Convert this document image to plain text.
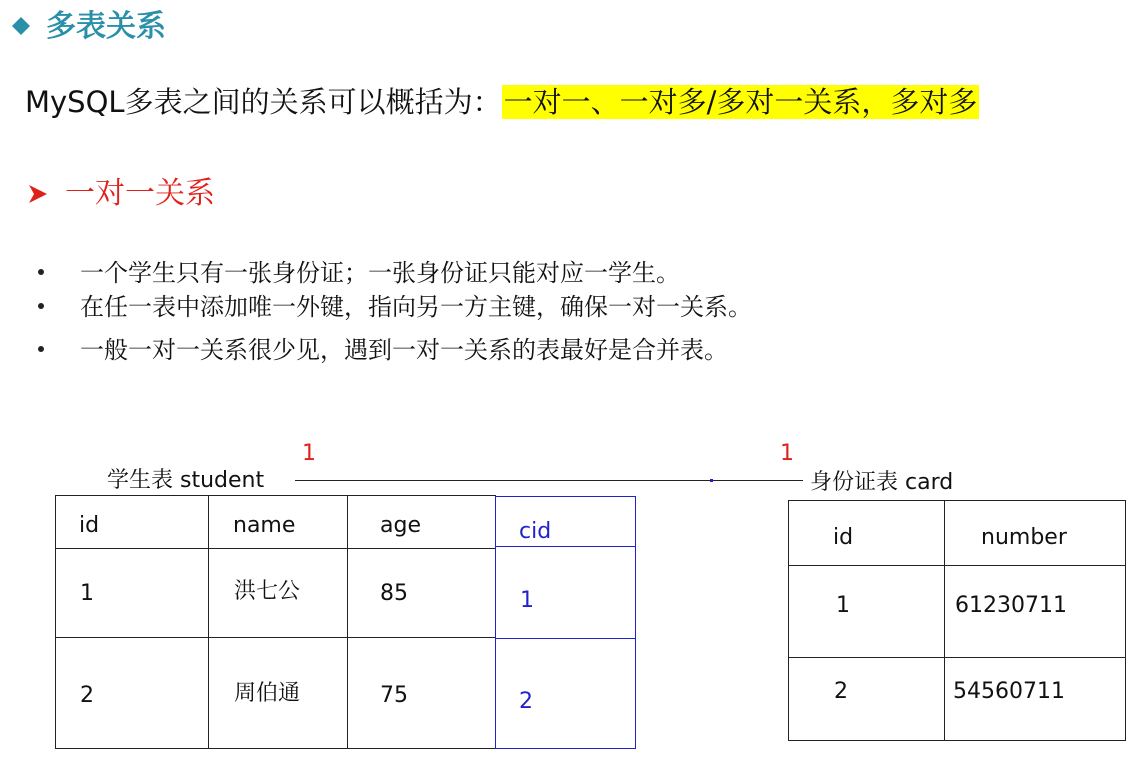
多表关系
MySQL多表之间的关系可以概括为：一对一、一对多/多对一关系，多对多
一对一关系
一个学生只有一张身份证；一张身份证只能对应一学生。
在任一表中添加唯一外键，指向另一方主键，确保一对一关系。
一般一对一关系很少见，遇到一对一关系的表最好是合并表。
学生表 student
1	1
身份证表 card
id	name	age	cid
1	洪七公	85	1
2	周伯通	75	2
id	number
1	61230711
2	54560711
